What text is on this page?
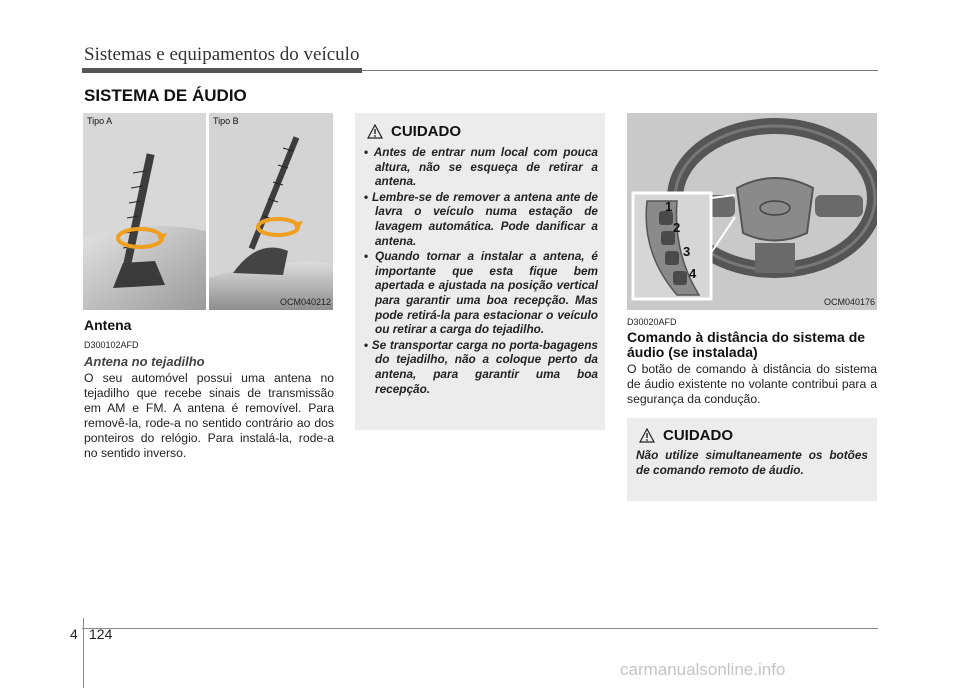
Sistemas e equipamentos do veículo
SISTEMA DE ÁUDIO
Tipo A	Tipo B
OCM040212
Antena
D300102AFD
Antena no tejadilho
O seu automóvel possui uma antena no tejadilho que recebe sinais de transmissão em AM e FM. A antena é removível. Para removê-la, rode-a no sentido contrário ao dos ponteiros do relógio. Para instalá-la, rode-a no sentido inverso.
CUIDADO
• Antes de entrar num local com pouca altura, não se esqueça de retirar a antena.
• Lembre-se de remover a antena ante de lavra o veículo numa estação de lavagem automática. Pode danificar a antena.
• Quando tornar a instalar a antena, é importante que esta fique bem apertada e ajustada na posição vertical para garantir uma boa recepção. Mas pode retirá-la para estacionar o veículo ou retirar a carga do tejadilho.
• Se transportar carga no porta-bagagens do tejadilho, não a coloque perto da antena, para garantir uma boa recepção.
1
2
3
4
OCM040176
D30020AFD
Comando à distância do sistema de áudio (se instalada)
O botão de comando à distância do sistema de áudio existente no volante contribui para a segurança da condução.
CUIDADO
Não utilize simultaneamente os botões de comando remoto de áudio.
4 124
carmanualsonline.info
